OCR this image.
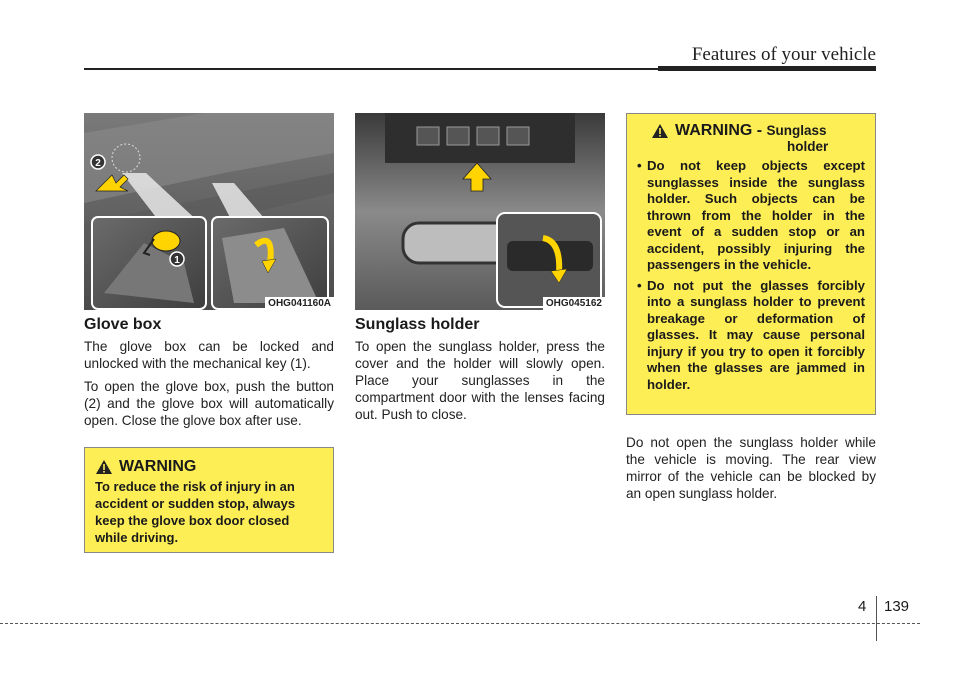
Features of your vehicle
2
1
OHG041160A	OHG045162
Glove box

The glove box can be locked and unlocked with the mechanical key (1).

To open the glove box, push the button (2) and the glove box will automatically open. Close the glove box after use.

WARNING
To reduce the risk of injury in an accident or sudden stop, always keep the glove box door closed while driving.
Sunglass holder
To open the sunglass holder, press the cover and the holder will slowly open. Place your sunglasses in the compartment door with the lenses facing out. Push to close.
WARNING - Sunglass
holder
• Do not keep objects except sunglasses inside the sunglass holder. Such objects can be thrown from the holder in the event of a sudden stop or an accident, possibly injuring the passengers in the vehicle.
• Do not put the glasses forcibly into a sunglass holder to prevent breakage or deformation of glasses. It may cause personal injury if you try to open it forcibly when the glasses are jammed in holder.
Do not open the sunglass holder while the vehicle is moving. The rear view mirror of the vehicle can be blocked by an open sunglass holder.
4 139
